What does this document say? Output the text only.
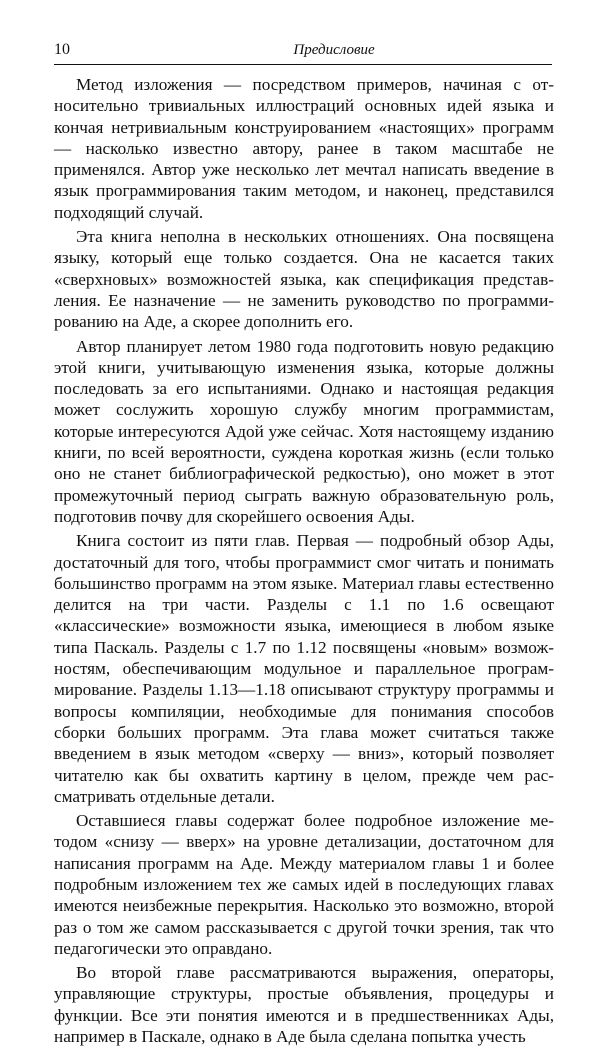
10	Предисловие

Метод изложения — посредством примеров, начиная с относительно тривиальных иллюстраций основных идей языка и кончая нетривиальным конструированием «настоящих» программ — насколько известно автору, ранее в таком масштабе не применялся. Автор уже несколько лет мечтал написать введение в язык программирования таким методом, и наконец, представился подходящий случай.

Эта книга неполна в нескольких отношениях. Она посвящена языку, который еще только создается. Она не касается таких «сверхновых» возможностей языка, как спецификация представления. Ее назначение — не заменить руководство по программированию на Аде, а скорее дополнить его.

Автор планирует летом 1980 года подготовить новую редакцию этой книги, учитывающую изменения языка, которые должны последовать за его испытаниями. Однако и настоящая редакция может сослужить хорошую службу многим программистам, которые интересуются Адой уже сейчас. Хотя настоящему изданию книги, по всей вероятности, суждена короткая жизнь (если только оно не станет библиографической редкостью), оно может в этот промежуточный период сыграть важную образовательную роль, подготовив почву для скорейшего освоения Ады.

Книга состоит из пяти глав. Первая — подробный обзор Ады, достаточный для того, чтобы программист смог читать и понимать большинство программ на этом языке. Материал главы естественно делится на три части. Разделы с 1.1 по 1.6 освещают «классические» возможности языка, имеющиеся в любом языке типа Паскаль. Разделы с 1.7 по 1.12 посвящены «новым» возможностям, обеспечивающим модульное и параллельное программирование. Разделы 1.13—1.18 описывают структуру программы и вопросы компиляции, необходимые для понимания способов сборки больших программ. Эта глава может считаться также введением в язык методом «сверху — вниз», который позволяет читателю как бы охватить картину в целом, прежде чем рассматривать отдельные детали.

Оставшиеся главы содержат более подробное изложение методом «снизу — вверх» на уровне детализации, достаточном для написания программ на Аде. Между материалом главы 1 и более подробным изложением тех же самых идей в последующих главах имеются неизбежные перекрытия. Насколько это возможно, второй раз о том же самом рассказывается с другой точки зрения, так что педагогически это оправдано.

Во второй главе рассматриваются выражения, операторы, управляющие структуры, простые объявления, процедуры и функции. Все эти понятия имеются и в предшественниках Ады, например в Паскале, однако в Аде была сделана попытка учесть
